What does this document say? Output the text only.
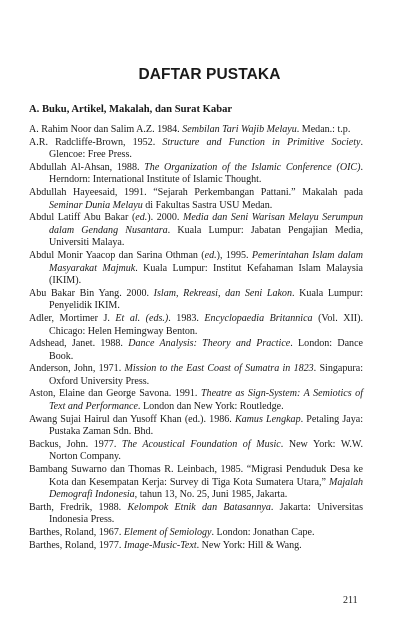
DAFTAR PUSTAKA
A. Buku, Artikel, Makalah, dan Surat Kabar
A. Rahim Noor dan Salim A.Z. 1984. Sembilan Tari Wajib Melayu. Medan.: t.p.
A.R. Radcliffe-Brown, 1952. Structure and Function in Primitive Society. Glencoe: Free Press.
Abdullah Al-Ahsan, 1988. The Organization of the Islamic Conference (OIC). Herndorn: International Institute of Islamic Thought.
Abdullah Hayeesaid, 1991. “Sejarah Perkembangan Pattani.” Makalah pada Seminar Dunia Melayu di Fakultas Sastra USU Medan.
Abdul Latiff Abu Bakar (ed.). 2000. Media dan Seni Warisan Melayu Serumpun dalam Gendang Nusantara. Kuala Lumpur: Jabatan Pengajian Media, Universiti Malaya.
Abdul Monir Yaacop dan Sarina Othman (ed.), 1995. Pemerintahan Islam dalam Masyarakat Majmuk. Kuala Lumpur: Institut Kefahaman Islam Malaysia (IKIM).
Abu Bakar Bin Yang. 2000. Islam, Rekreasi, dan Seni Lakon. Kuala Lumpur: Penyelidik IKIM.
Adler, Mortimer J. Et al. (eds.). 1983. Encyclopaedia Britannica (Vol. XII). Chicago: Helen Hemingway Benton.
Adshead, Janet. 1988. Dance Analysis: Theory and Practice. London: Dance Book.
Anderson, John, 1971. Mission to the East Coast of Sumatra in 1823. Singapura: Oxford University Press.
Aston, Elaine dan George Savona. 1991. Theatre as Sign-System: A Semiotics of Text and Performance. London dan New York: Routledge.
Awang Sujai Hairul dan Yusoff Khan (ed.). 1986. Kamus Lengkap. Petaling Jaya: Pustaka Zaman Sdn. Bhd.
Backus, John. 1977. The Acoustical Foundation of Music. New York: W.W. Norton Company.
Bambang Suwarno dan Thomas R. Leinbach, 1985. “Migrasi Penduduk Desa ke Kota dan Kesempatan Kerja: Survey di Tiga Kota Sumatera Utara,” Majalah Demografi Indonesia, tahun 13, No. 25, Juni 1985, Jakarta.
Barth, Fredrik, 1988. Kelompok Etnik dan Batasannya. Jakarta: Universitas Indonesia Press.
Barthes, Roland, 1967. Element of Semiology. London: Jonathan Cape.
Barthes, Roland, 1977. Image-Music-Text. New York: Hill & Wang.
211
